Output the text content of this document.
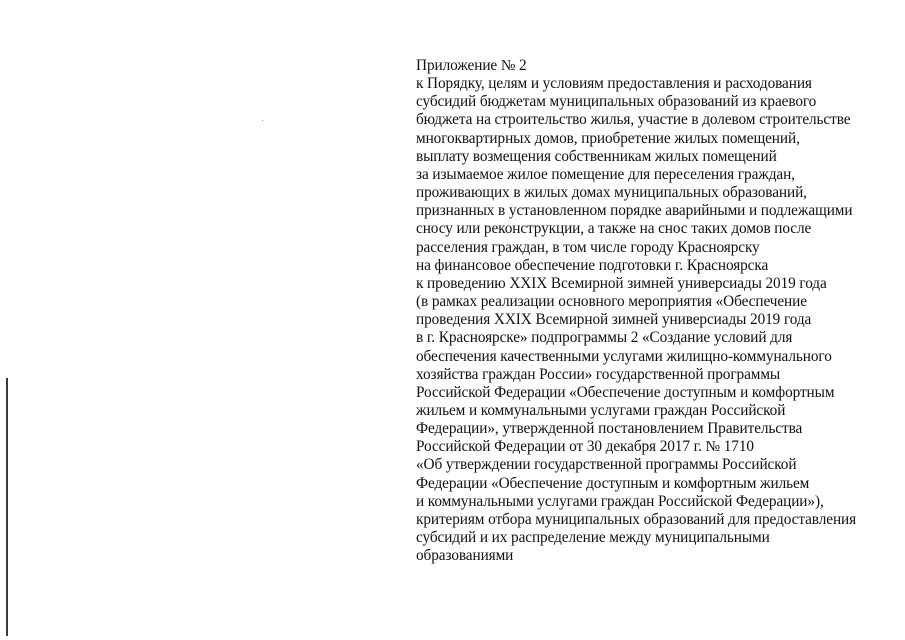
Приложение № 2
к Порядку, целям и условиям предоставления и расходования
субсидий бюджетам муниципальных образований из краевого
бюджета на строительство жилья, участие в долевом строительстве
многоквартирных домов, приобретение жилых помещений,
выплату возмещения собственникам жилых помещений
за изымаемое жилое помещение для переселения граждан,
проживающих в жилых домах муниципальных образований,
признанных в установленном порядке аварийными и подлежащими
сносу или реконструкции, а также на снос таких домов после
расселения граждан, в том числе городу Красноярску
на финансовое обеспечение подготовки г. Красноярска
к проведению XXIX Всемирной зимней универсиады 2019 года
(в рамках реализации основного мероприятия «Обеспечение
проведения XXIX Всемирной зимней универсиады 2019 года
в г. Красноярске» подпрограммы 2 «Создание условий для
обеспечения качественными услугами жилищно-коммунального
хозяйства граждан России» государственной программы
Российской Федерации «Обеспечение доступным и комфортным
жильем и коммунальными услугами граждан Российской
Федерации», утвержденной постановлением Правительства
Российской Федерации от 30 декабря 2017 г. № 1710
«Об утверждении государственной программы Российской
Федерации «Обеспечение доступным и комфортным жильем
и коммунальными услугами граждан Российской Федерации»),
критериям отбора муниципальных образований для предоставления
субсидий и их распределение между муниципальными
образованиями
